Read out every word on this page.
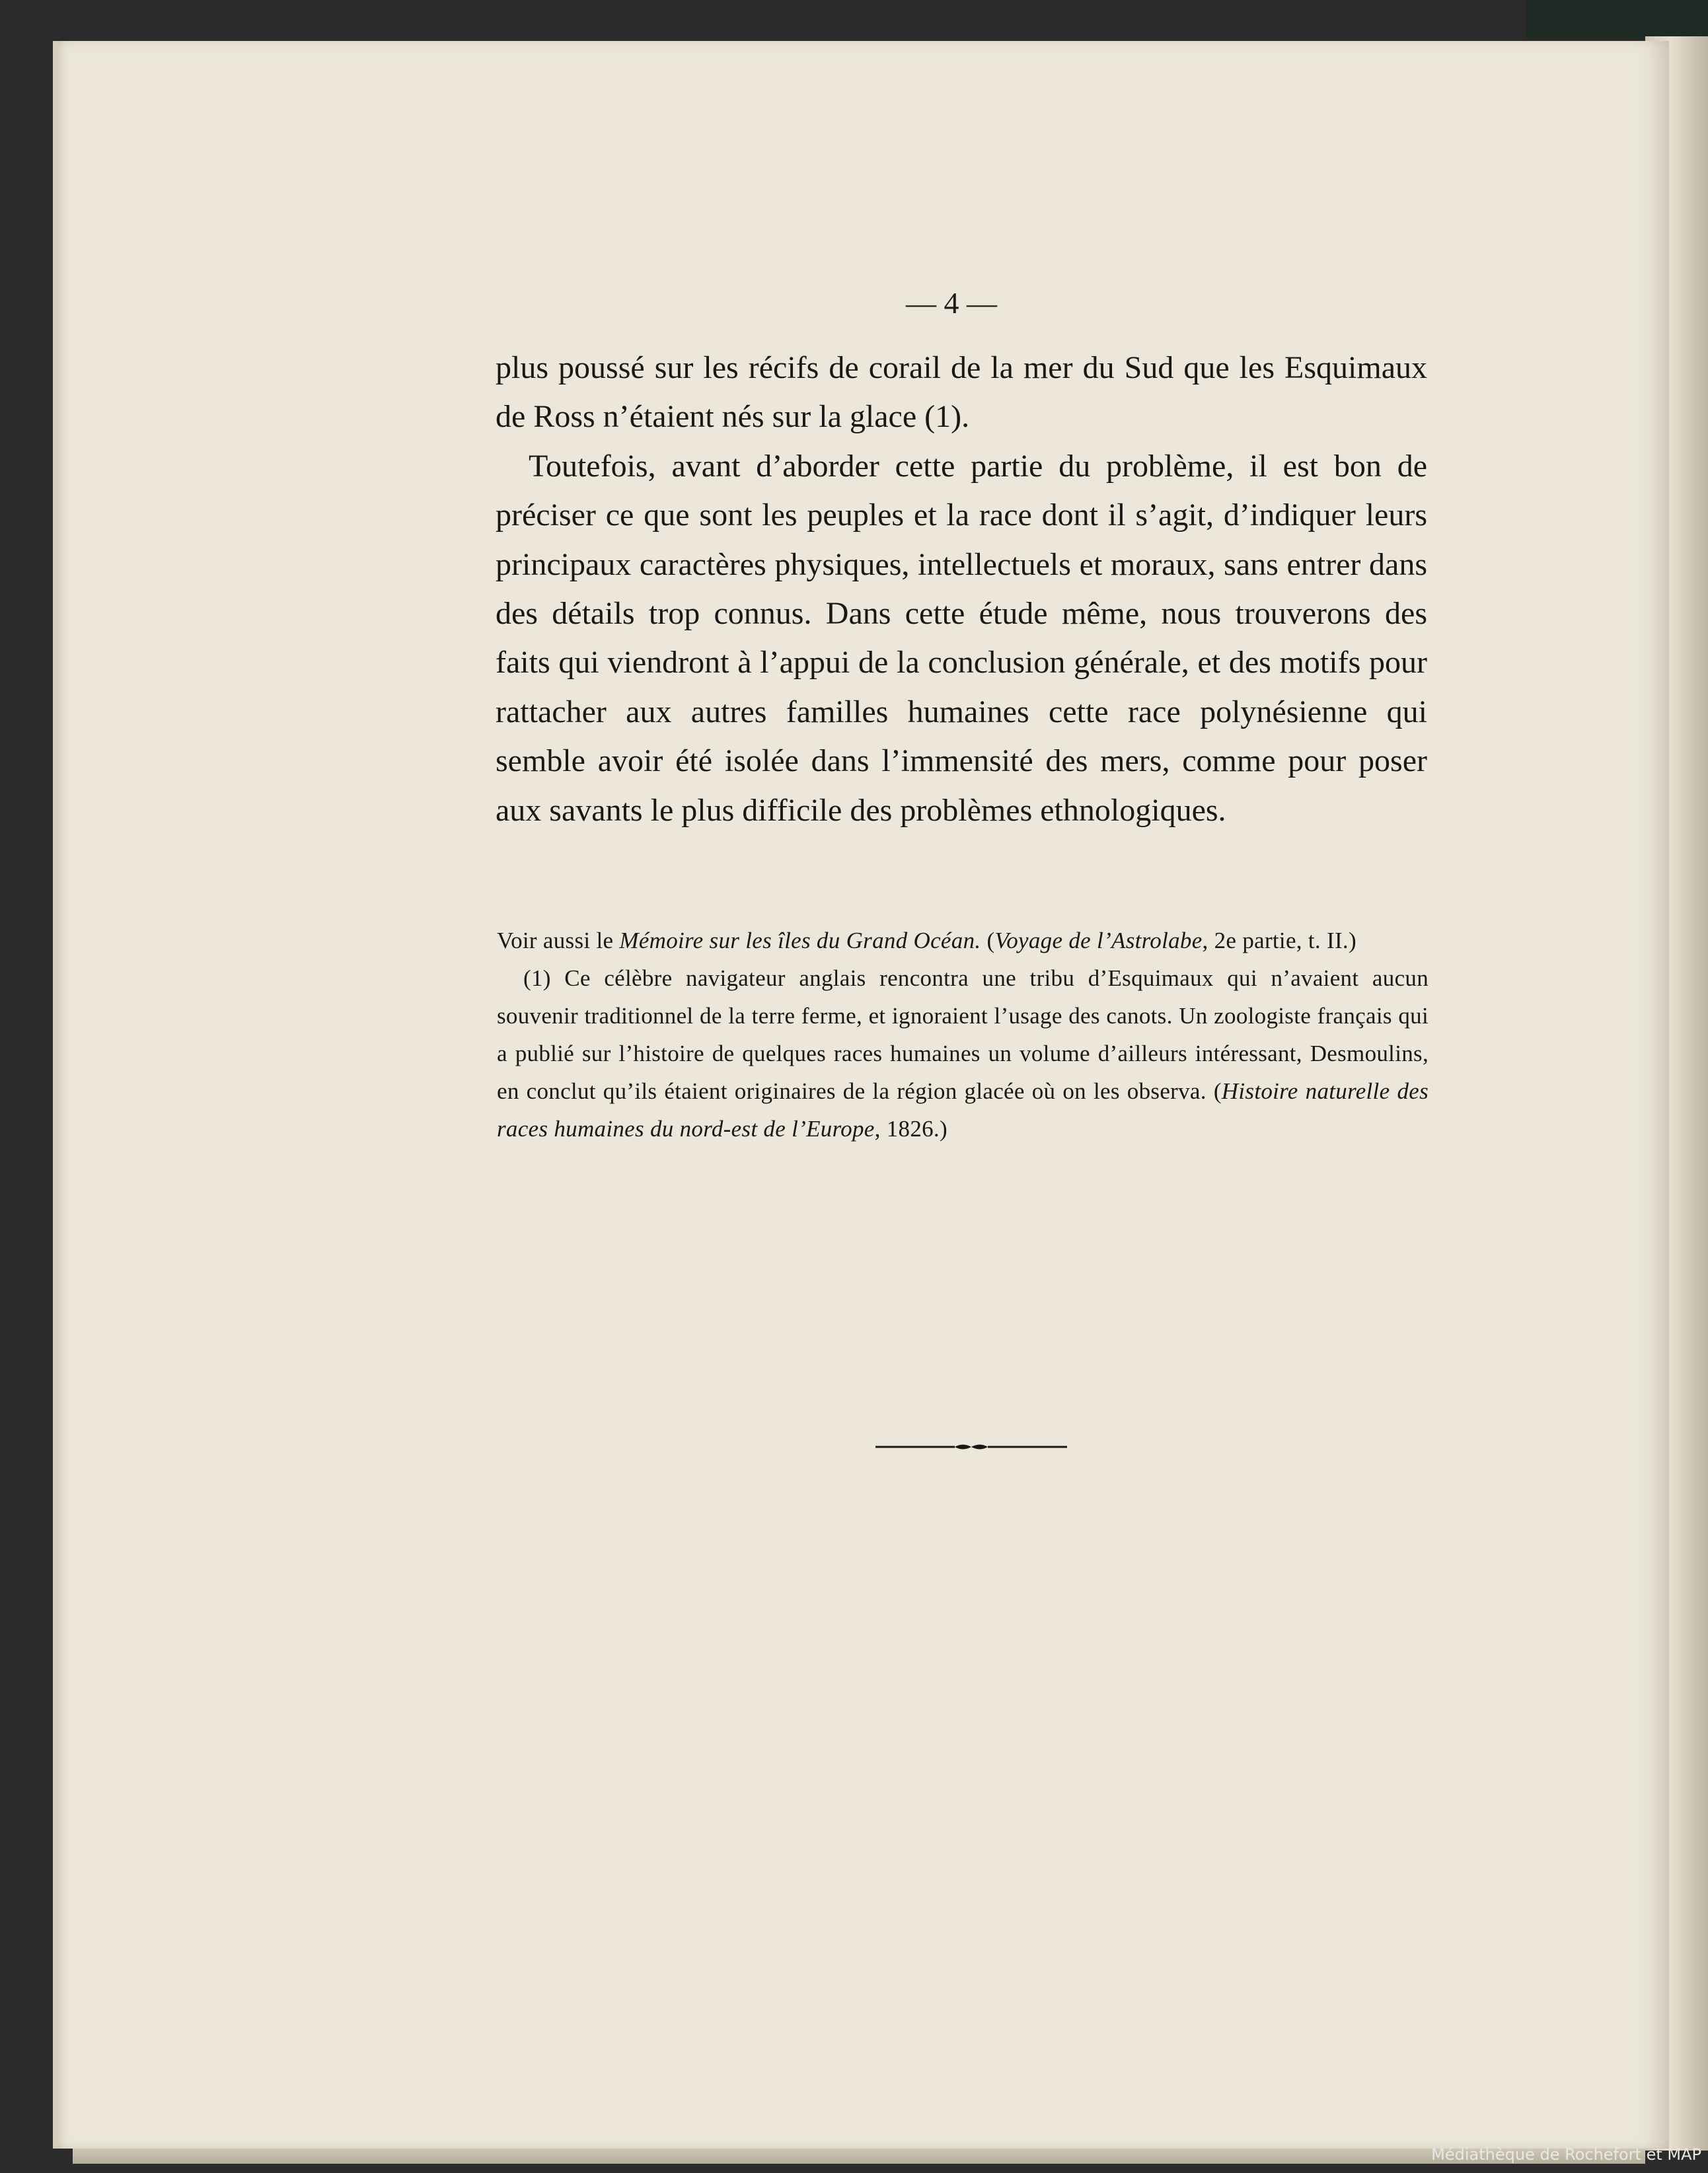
— 4 —

plus poussé sur les récifs de corail de la mer du Sud que les Esquimaux de Ross n’étaient nés sur la glace (1).

Toutefois, avant d’aborder cette partie du problème, il est bon de préciser ce que sont les peuples et la race dont il s’agit, d’indiquer leurs principaux caractères physiques, intellectuels et moraux, sans entrer dans des détails trop connus. Dans cette étude même, nous trouverons des faits qui viendront à l’appui de la conclusion générale, et des motifs pour rattacher aux autres familles humaines cette race polynésienne qui semble avoir été isolée dans l’immensité des mers, comme pour poser aux savants le plus difficile des problèmes ethnologiques.

Voir aussi le Mémoire sur les îles du Grand Océan. (Voyage de l’Astrolabe, 2e partie, t. II.)

(1) Ce célèbre navigateur anglais rencontra une tribu d’Esquimaux qui n’avaient aucun souvenir traditionnel de la terre ferme, et ignoraient l’usage des canots. Un zoologiste français qui a publié sur l’histoire de quelques races humaines un volume d’ailleurs intéressant, Desmoulins, en conclut qu’ils étaient originaires de la région glacée où on les observa. (Histoire naturelle des races humaines du nord-est de l’Europe, 1826.)

Médiathèque de Rochefort et MAP
